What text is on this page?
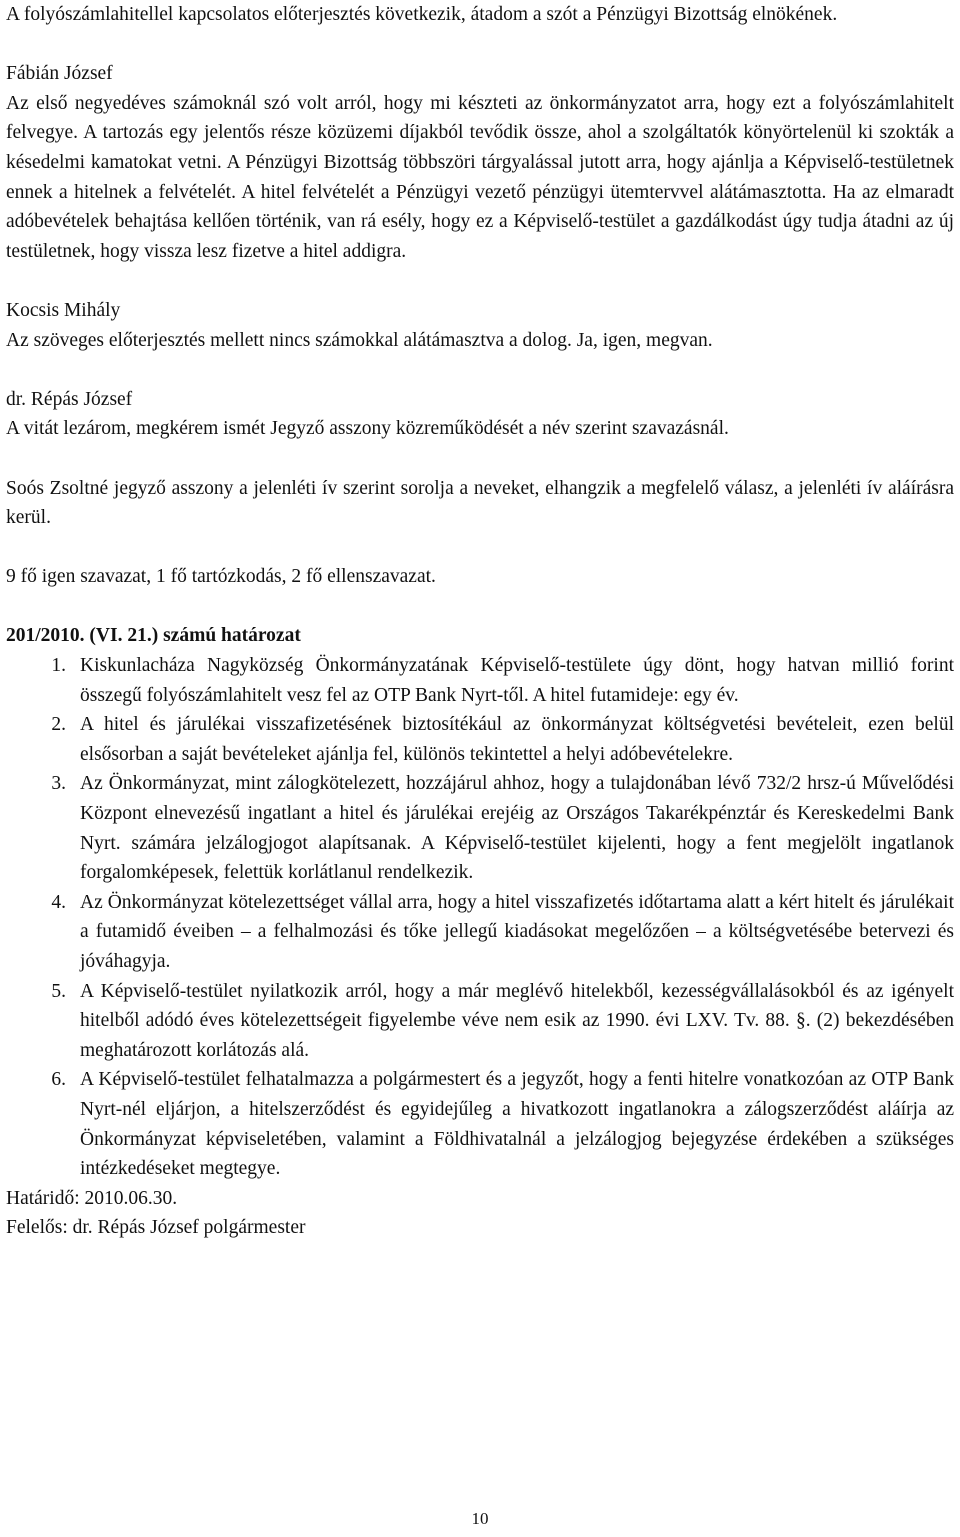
A folyószámlahitellel kapcsolatos előterjesztés következik, átadom a szót a Pénzügyi Bizottság elnökének.

Fábián József

Az első negyedéves számoknál szó volt arról, hogy mi készteti az önkormányzatot arra, hogy ezt a folyószámlahitelt felvegye. A tartozás egy jelentős része közüzemi díjakból tevődik össze, ahol a szolgáltatók könyörtelenül ki szokták a késedelmi kamatokat vetni. A Pénzügyi Bizottság többszöri tárgyalással jutott arra, hogy ajánlja a Képviselő-testületnek ennek a hitelnek a felvételét. A hitel felvételét a Pénzügyi vezető pénzügyi ütemtervvel alátámasztotta. Ha az elmaradt adóbevételek behajtása kellően történik, van rá esély, hogy ez a Képviselő-testület a gazdálkodást úgy tudja átadni az új testületnek, hogy vissza lesz fizetve a hitel addigra.

Kocsis Mihály

Az szöveges előterjesztés mellett nincs számokkal alátámasztva a dolog. Ja, igen, megvan.

dr. Répás József

A vitát lezárom, megkérem ismét Jegyző asszony közreműködését a név szerint szavazásnál.

Soós Zsoltné jegyző asszony a jelenléti ív szerint sorolja a neveket, elhangzik a megfelelő válasz, a jelenléti ív aláírásra kerül.

9 fő igen szavazat, 1 fő tartózkodás, 2 fő ellenszavazat.

201/2010. (VI. 21.) számú határozat

1. Kiskunlacháza Nagyközség Önkormányzatának Képviselő-testülete úgy dönt, hogy hatvan millió forint összegű folyószámlahitelt vesz fel az OTP Bank Nyrt-től. A hitel futamideje: egy év.
2. A hitel és járulékai visszafizetésének biztosítékául az önkormányzat költségvetési bevételeit, ezen belül elsősorban a saját bevételeket ajánlja fel, különös tekintettel a helyi adóbevételekre.
3. Az Önkormányzat, mint zálogkötelezett, hozzájárul ahhoz, hogy a tulajdonában lévő 732/2 hrsz-ú Művelődési Központ elnevezésű ingatlant a hitel és járulékai erejéig az Országos Takarékpénztár és Kereskedelmi Bank Nyrt. számára jelzálogjogot alapítsanak. A Képviselő-testület kijelenti, hogy a fent megjelölt ingatlanok forgalomképesek, felettük korlátlanul rendelkezik.
4. Az Önkormányzat kötelezettséget vállal arra, hogy a hitel visszafizetés időtartama alatt a kért hitelt és járulékait a futamidő éveiben – a felhalmozási és tőke jellegű kiadásokat megelőzően – a költségvetésébe betervezi és jóváhagyja.
5. A Képviselő-testület nyilatkozik arról, hogy a már meglévő hitelekből, kezességvállalásokból és az igényelt hitelből adódó éves kötelezettségeit figyelembe véve nem esik az 1990. évi LXV. Tv. 88. §. (2) bekezdésében meghatározott korlátozás alá.
6. A Képviselő-testület felhatalmazza a polgármestert és a jegyzőt, hogy a fenti hitelre vonatkozóan az OTP Bank Nyrt-nél eljárjon, a hitelszerződést és egyidejűleg a hivatkozott ingatlanokra a zálogszerződést aláírja az Önkormányzat képviseletében, valamint a Földhivatalnál a jelzálogjog bejegyzése érdekében a szükséges intézkedéseket megtegye.

Határidő: 2010.06.30.

Felelős: dr. Répás József polgármester

10
